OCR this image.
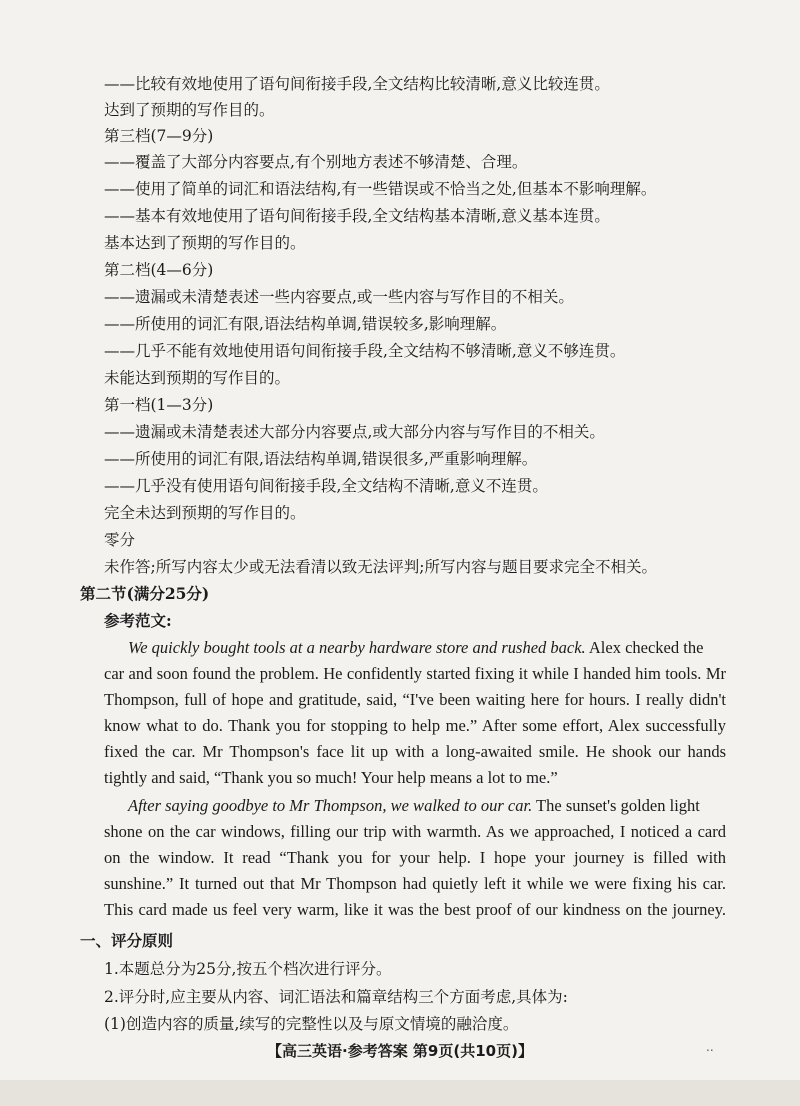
——比较有效地使用了语句间衔接手段,全文结构比较清晰,意义比较连贯。
达到了预期的写作目的。
第三档(7—9分)
——覆盖了大部分内容要点,有个别地方表述不够清楚、合理。
——使用了简单的词汇和语法结构,有一些错误或不恰当之处,但基本不影响理解。
——基本有效地使用了语句间衔接手段,全文结构基本清晰,意义基本连贯。
基本达到了预期的写作目的。
第二档(4—6分)
——遗漏或未清楚表述一些内容要点,或一些内容与写作目的不相关。
——所使用的词汇有限,语法结构单调,错误较多,影响理解。
——几乎不能有效地使用语句间衔接手段,全文结构不够清晰,意义不够连贯。
未能达到预期的写作目的。
第一档(1—3分)
——遗漏或未清楚表述大部分内容要点,或大部分内容与写作目的不相关。
——所使用的词汇有限,语法结构单调,错误很多,严重影响理解。
——几乎没有使用语句间衔接手段,全文结构不清晰,意义不连贯。
完全未达到预期的写作目的。
零分
未作答;所写内容太少或无法看清以致无法评判;所写内容与题目要求完全不相关。
第二节(满分25分)
参考范文:
We quickly bought tools at a nearby hardware store and rushed back. Alex checked the
car and soon found the problem. He confidently started fixing it while I handed him tools. Mr
Thompson, full of hope and gratitude, said, “I've been waiting here for hours. I really didn't
know what to do. Thank you for stopping to help me.” After some effort, Alex successfully
fixed the car. Mr Thompson's face lit up with a long-awaited smile. He shook our hands
tightly and said, “Thank you so much! Your help means a lot to me.”
After saying goodbye to Mr Thompson, we walked to our car. The sunset's golden light
shone on the car windows, filling our trip with warmth. As we approached, I noticed a card
on the window. It read “Thank you for your help. I hope your journey is filled with
sunshine.” It turned out that Mr Thompson had quietly left it while we were fixing his car.
This card made us feel very warm, like it was the best proof of our kindness on the journey.
一、评分原则
1.本题总分为25分,按五个档次进行评分。
2.评分时,应主要从内容、词汇语法和篇章结构三个方面考虑,具体为:
(1)创造内容的质量,续写的完整性以及与原文情境的融洽度。
【高三英语·参考答案 第9页(共10页)】	..
